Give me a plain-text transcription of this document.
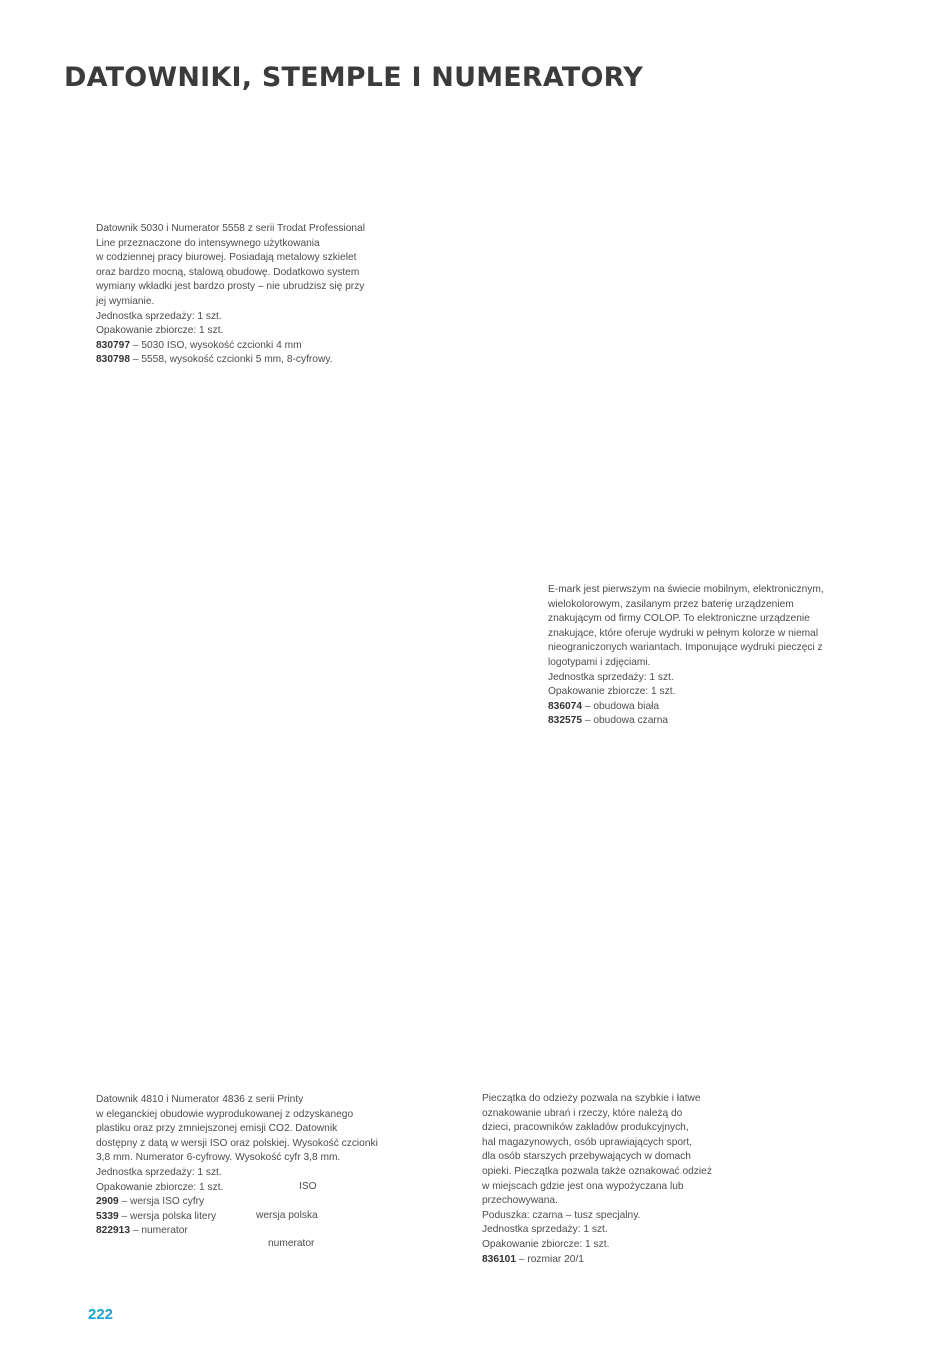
DATOWNIKI, STEMPLE I NUMERATORY

Datownik 5030 i Numerator 5558 z serii Trodat Professional
Line przeznaczone do intensywnego użytkowania
w codziennej pracy biurowej. Posiadają metalowy szkielet
oraz bardzo mocną, stalową obudowę. Dodatkowo system
wymiany wkładki jest bardzo prosty – nie ubrudzisz się przy
jej wymianie.

Jednostka sprzedaży: 1 szt.
Opakowanie zbiorcze: 1 szt.
830797 – 5030 ISO, wysokość czcionki 4 mm
830798 – 5558, wysokość czcionki 5 mm, 8-cyfrowy.

E-mark jest pierwszym na świecie mobilnym, elektronicznym,
wielokolorowym, zasilanym przez baterię urządzeniem
znakującym od firmy COLOP. To elektroniczne urządzenie
znakujące, które oferuje wydruki w pełnym kolorze w niemal
nieograniczonych wariantach. Imponujące wydruki pieczęci z
logotypami i zdjęciami.

Jednostka sprzedaży: 1 szt.
Opakowanie zbiorcze: 1 szt.
836074 – obudowa biała
832575 – obudowa czarna

Datownik 4810 i Numerator 4836 z serii Printy
w eleganckiej obudowie wyprodukowanej z odzyskanego
plastiku oraz przy zmniejszonej emisji CO2. Datownik
dostępny z datą w wersji ISO oraz polskiej. Wysokość czcionki
3,8 mm. Numerator 6-cyfrowy. Wysokość cyfr 3,8 mm.

Jednostka sprzedaży: 1 szt.
Opakowanie zbiorcze: 1 szt.
2909 – wersja ISO cyfry
5339 – wersja polska litery
822913 – numerator
ISO
wersja polska
numerator

Pieczątka do odzieży pozwala na szybkie i łatwe
oznakowanie ubrań i rzeczy, które należą do
dzieci, pracowników zakładów produkcyjnych,
hal magazynowych, osób uprawiających sport,
dla osób starszych przebywających w domach
opieki. Pieczątka pozwala także oznakować odzież
w miejscach gdzie jest ona wypożyczana lub
przechowywana.

Poduszka: czarna – tusz specjalny.
Jednostka sprzedaży: 1 szt.
Opakowanie zbiorcze: 1 szt.
836101 – rozmiar 20/1
222
